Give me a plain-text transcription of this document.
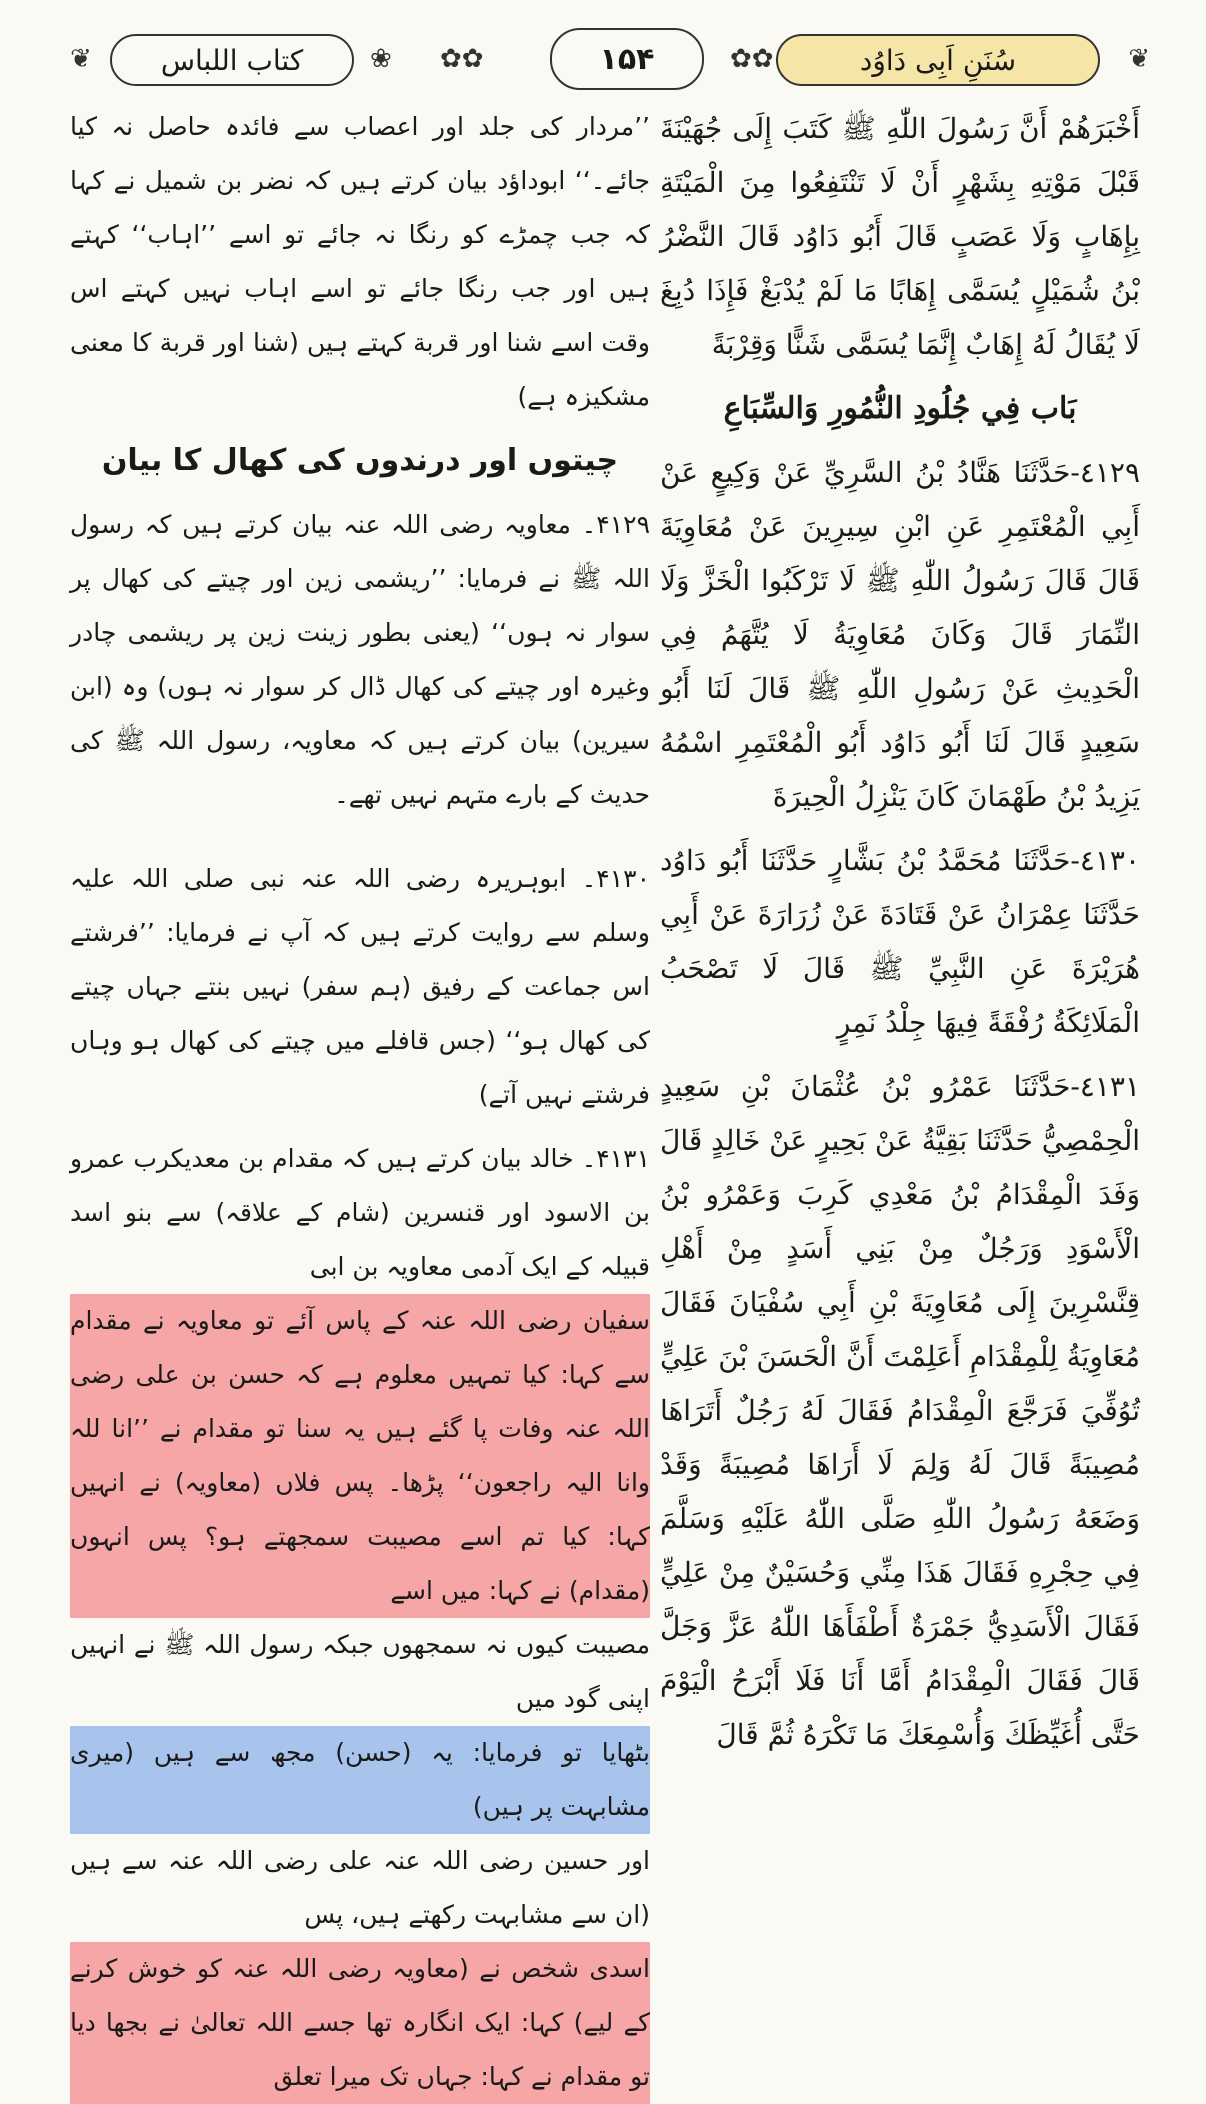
❦ کتاب اللباس	❀ ✿✿	۱۵۴	✿✿	سُنَنِ اَبِی دَاوُد	❦

أَخْبَرَهُمْ أَنَّ رَسُولَ اللّٰهِ ﷺ كَتَبَ إِلَى جُهَيْنَةَ قَبْلَ مَوْتِهِ بِشَهْرٍ أَنْ لَا تَنْتَفِعُوا مِنَ الْمَيْتَةِ بِإِهَابٍ وَلَا عَصَبٍ قَالَ أَبُو دَاوُد قَالَ النَّضْرُ بْنُ شُمَيْلٍ يُسَمَّى إِهَابًا مَا لَمْ يُدْبَغْ فَإِذَا دُبِغَ لَا يُقَالُ لَهُ إِهَابٌ إِنَّمَا يُسَمَّى شَنًّا وَقِرْبَةً

بَاب فِي جُلُودِ النُّمُورِ وَالسِّبَاعِ

٤١٢٩-حَدَّثَنَا هَنَّادُ بْنُ السَّرِيِّ عَنْ وَكِيعٍ عَنْ أَبِي الْمُعْتَمِرِ عَنِ ابْنِ سِيرِينَ عَنْ مُعَاوِيَةَ قَالَ قَالَ رَسُولُ اللّٰهِ ﷺ لَا تَرْكَبُوا الْخَزَّ وَلَا النِّمَارَ قَالَ وَكَانَ مُعَاوِيَةُ لَا يُتَّهَمُ فِي الْحَدِيثِ عَنْ رَسُولِ اللّٰهِ ﷺ قَالَ لَنَا أَبُو سَعِيدٍ قَالَ لَنَا أَبُو دَاوُد أَبُو الْمُعْتَمِرِ اسْمُهُ يَزِيدُ بْنُ طَهْمَانَ كَانَ يَنْزِلُ الْحِيرَةَ

٤١٣٠-حَدَّثَنَا مُحَمَّدُ بْنُ بَشَّارٍ حَدَّثَنَا أَبُو دَاوُد حَدَّثَنَا عِمْرَانُ عَنْ قَتَادَةَ عَنْ زُرَارَةَ عَنْ أَبِي هُرَيْرَةَ عَنِ النَّبِيِّ ﷺ قَالَ لَا تَصْحَبُ الْمَلَائِكَةُ رُفْقَةً فِيهَا جِلْدُ نَمِرٍ

٤١٣١-حَدَّثَنَا عَمْرُو بْنُ عُثْمَانَ بْنِ سَعِيدٍ الْحِمْصِيُّ حَدَّثَنَا بَقِيَّةُ عَنْ بَحِيرٍ عَنْ خَالِدٍ قَالَ وَفَدَ الْمِقْدَامُ بْنُ مَعْدِي كَرِبَ وَعَمْرُو بْنُ الْأَسْوَدِ وَرَجُلٌ مِنْ بَنِي أَسَدٍ مِنْ أَهْلِ قِنَّسْرِينَ إِلَى مُعَاوِيَةَ بْنِ أَبِي سُفْيَانَ فَقَالَ مُعَاوِيَةُ لِلْمِقْدَامِ أَعَلِمْتَ أَنَّ الْحَسَنَ بْنَ عَلِيٍّ تُوُفِّيَ فَرَجَّعَ الْمِقْدَامُ فَقَالَ لَهُ رَجُلٌ أَتَرَاهَا مُصِيبَةً قَالَ لَهُ وَلِمَ لَا أَرَاهَا مُصِيبَةً وَقَدْ وَضَعَهُ رَسُولُ اللّٰهِ صَلَّى اللّٰهُ عَلَيْهِ وَسَلَّمَ فِي حِجْرِهِ فَقَالَ هَذَا مِنِّي وَحُسَيْنٌ مِنْ عَلِيٍّ فَقَالَ الْأَسَدِيُّ جَمْرَةٌ أَطْفَأَهَا اللّٰهُ عَزَّ وَجَلَّ قَالَ فَقَالَ الْمِقْدَامُ أَمَّا أَنَا فَلَا أَبْرَحُ الْيَوْمَ حَتَّى أُغَيِّظَكَ وَأُسْمِعَكَ مَا تَكْرَهُ ثُمَّ قَالَ

’’مردار کی جلد اور اعصاب سے فائدہ حاصل نہ کیا جائے۔‘‘ ابوداؤد بیان کرتے ہیں کہ نضر بن شمیل نے کہا کہ جب چمڑے کو رنگا نہ جائے تو اسے ’’اہاب‘‘ کہتے ہیں اور جب رنگا جائے تو اسے اہاب نہیں کہتے اس وقت اسے شنا اور قربة کہتے ہیں (شنا اور قربة کا معنی مشکیزہ ہے)

چیتوں اور درندوں کی کھال کا بیان

۴۱۲۹۔ معاویہ رضی اللہ عنہ بیان کرتے ہیں کہ رسول اللہ ﷺ نے فرمایا: ’’ریشمی زین اور چیتے کی کھال پر سوار نہ ہوں‘‘ (یعنی بطور زینت زین پر ریشمی چادر وغیرہ اور چیتے کی کھال ڈال کر سوار نہ ہوں) وہ (ابن سیرین) بیان کرتے ہیں کہ معاویہ، رسول اللہ ﷺ کی حدیث کے بارے متہم نہیں تھے۔

۴۱۳۰۔ ابوہریرہ رضی اللہ عنہ نبی صلی اللہ علیہ وسلم سے روایت کرتے ہیں کہ آپ نے فرمایا: ’’فرشتے اس جماعت کے رفیق (ہم سفر) نہیں بنتے جہاں چیتے کی کھال ہو‘‘ (جس قافلے میں چیتے کی کھال ہو وہاں فرشتے نہیں آتے)

۴۱۳۱۔ خالد بیان کرتے ہیں کہ مقدام بن معدیکرب عمرو بن الاسود اور قنسرین (شام کے علاقہ) سے بنو اسد قبیلہ کے ایک آدمی معاویہ بن ابی

سفیان رضی اللہ عنہ کے پاس آئے تو معاویہ نے مقدام سے کہا: کیا تمہیں معلوم ہے کہ حسن بن علی رضی اللہ عنہ وفات پا گئے ہیں یہ سنا تو مقدام نے ’’انا للہ وانا الیہ راجعون‘‘ پڑھا۔ پس فلاں (معاویہ) نے انہیں کہا: کیا تم اسے مصیبت سمجھتے ہو؟ پس انہوں (مقدام) نے کہا: میں اسے

مصیبت کیوں نہ سمجھوں جبکہ رسول اللہ ﷺ نے انہیں اپنی گود میں

بٹھایا تو فرمایا: یہ (حسن) مجھ سے ہیں (میری مشابہت پر ہیں)

اور حسین رضی اللہ عنہ علی رضی اللہ عنہ سے ہیں (ان سے مشابہت رکھتے ہیں، پس

اسدی شخص نے (معاویہ رضی اللہ عنہ کو خوش کرنے کے لیے) کہا: ایک انگارہ تھا جسے اللہ تعالیٰ نے بجھا دیا تو مقدام نے کہا: جہاں تک میرا تعلق
